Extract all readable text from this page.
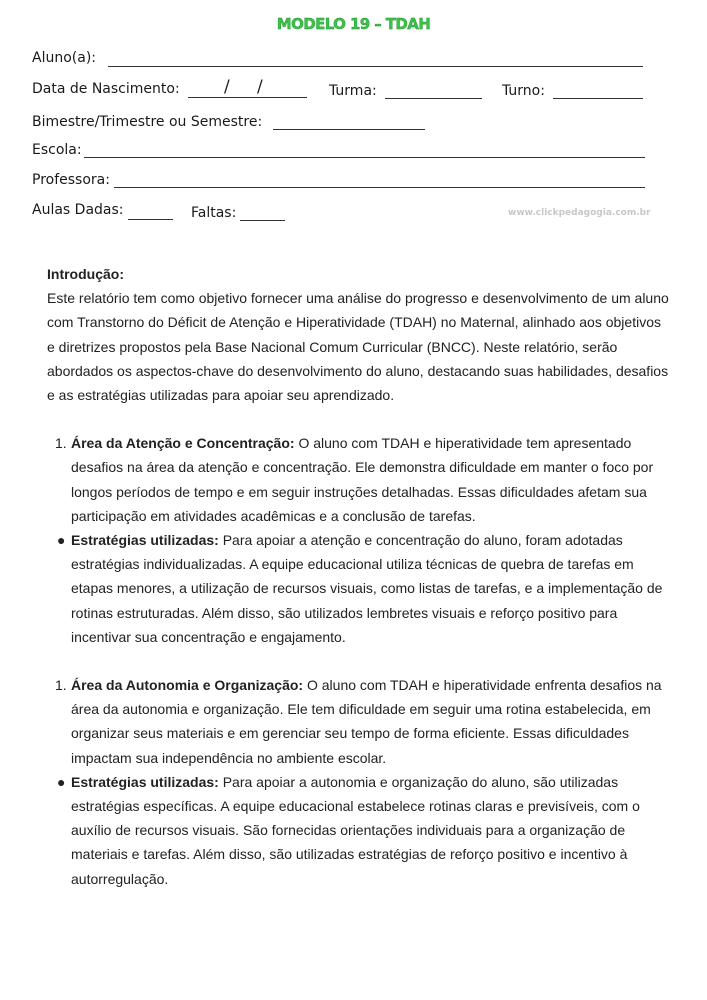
MODELO 19 – TDAH
Aluno(a):
Data de Nascimento:	/ /	Turma:	Turno:
Bimestre/Trimestre ou Semestre:
Escola:
Professora:
Aulas Dadas:	Faltas:	www.clickpedagogia.com.br

Introdução:

Este relatório tem como objetivo fornecer uma análise do progresso e desenvolvimento de um aluno com Transtorno do Déficit de Atenção e Hiperatividade (TDAH) no Maternal, alinhado aos objetivos e diretrizes propostos pela Base Nacional Comum Curricular (BNCC). Neste relatório, serão abordados os aspectos-chave do desenvolvimento do aluno, destacando suas habilidades, desafios e as estratégias utilizadas para apoiar seu aprendizado.

1. Área da Atenção e Concentração: O aluno com TDAH e hiperatividade tem apresentado desafios na área da atenção e concentração. Ele demonstra dificuldade em manter o foco por longos períodos de tempo e em seguir instruções detalhadas. Essas dificuldades afetam sua participação em atividades acadêmicas e a conclusão de tarefas.
● Estratégias utilizadas: Para apoiar a atenção e concentração do aluno, foram adotadas estratégias individualizadas. A equipe educacional utiliza técnicas de quebra de tarefas em etapas menores, a utilização de recursos visuais, como listas de tarefas, e a implementação de rotinas estruturadas. Além disso, são utilizados lembretes visuais e reforço positivo para incentivar sua concentração e engajamento.
1. Área da Autonomia e Organização: O aluno com TDAH e hiperatividade enfrenta desafios na área da autonomia e organização. Ele tem dificuldade em seguir uma rotina estabelecida, em organizar seus materiais e em gerenciar seu tempo de forma eficiente. Essas dificuldades impactam sua independência no ambiente escolar.
● Estratégias utilizadas: Para apoiar a autonomia e organização do aluno, são utilizadas estratégias específicas. A equipe educacional estabelece rotinas claras e previsíveis, com o auxílio de recursos visuais. São fornecidas orientações individuais para a organização de materiais e tarefas. Além disso, são utilizadas estratégias de reforço positivo e incentivo à autorregulação.
